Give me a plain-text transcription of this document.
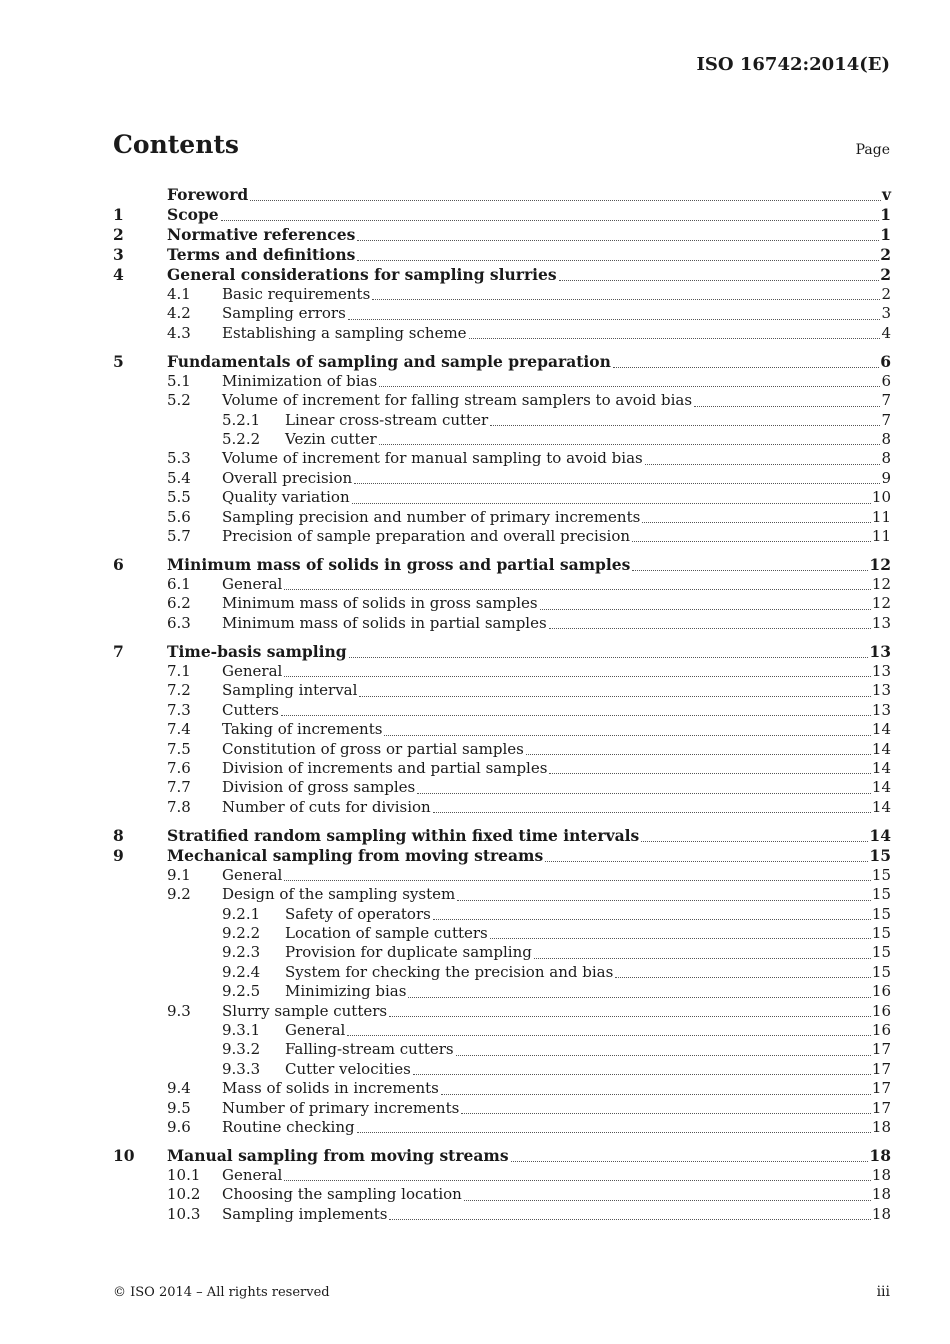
ISO 16742:2014(E)
Contents	Page
Foreword	v
1	Scope	1
2	Normative references	1
3	Terms and definitions	2
4	General considerations for sampling slurries	2
4.1	Basic requirements	2
4.2	Sampling errors	3
4.3	Establishing a sampling scheme	4
5	Fundamentals of sampling and sample preparation	6
5.1	Minimization of bias	6
5.2	Volume of increment for falling stream samplers to avoid bias	7
5.2.1	Linear cross-stream cutter	7
5.2.2	Vezin cutter	8
5.3	Volume of increment for manual sampling to avoid bias	8
5.4	Overall precision	9
5.5	Quality variation	10
5.6	Sampling precision and number of primary increments	11
5.7	Precision of sample preparation and overall precision	11
6	Minimum mass of solids in gross and partial samples	12
6.1	General	12
6.2	Minimum mass of solids in gross samples	12
6.3	Minimum mass of solids in partial samples	13
7	Time-basis sampling	13
7.1	General	13
7.2	Sampling interval	13
7.3	Cutters	13
7.4	Taking of increments	14
7.5	Constitution of gross or partial samples	14
7.6	Division of increments and partial samples	14
7.7	Division of gross samples	14
7.8	Number of cuts for division	14
8	Stratified random sampling within fixed time intervals	14
9	Mechanical sampling from moving streams	15
9.1	General	15
9.2	Design of the sampling system	15
9.2.1	Safety of operators	15
9.2.2	Location of sample cutters	15
9.2.3	Provision for duplicate sampling	15
9.2.4	System for checking the precision and bias	15
9.2.5	Minimizing bias	16
9.3	Slurry sample cutters	16
9.3.1	General	16
9.3.2	Falling-stream cutters	17
9.3.3	Cutter velocities	17
9.4	Mass of solids in increments	17
9.5	Number of primary increments	17
9.6	Routine checking	18
10	Manual sampling from moving streams	18
10.1	General	18
10.2	Choosing the sampling location	18
10.3	Sampling implements	18
© ISO 2014 – All rights reserved	iii
